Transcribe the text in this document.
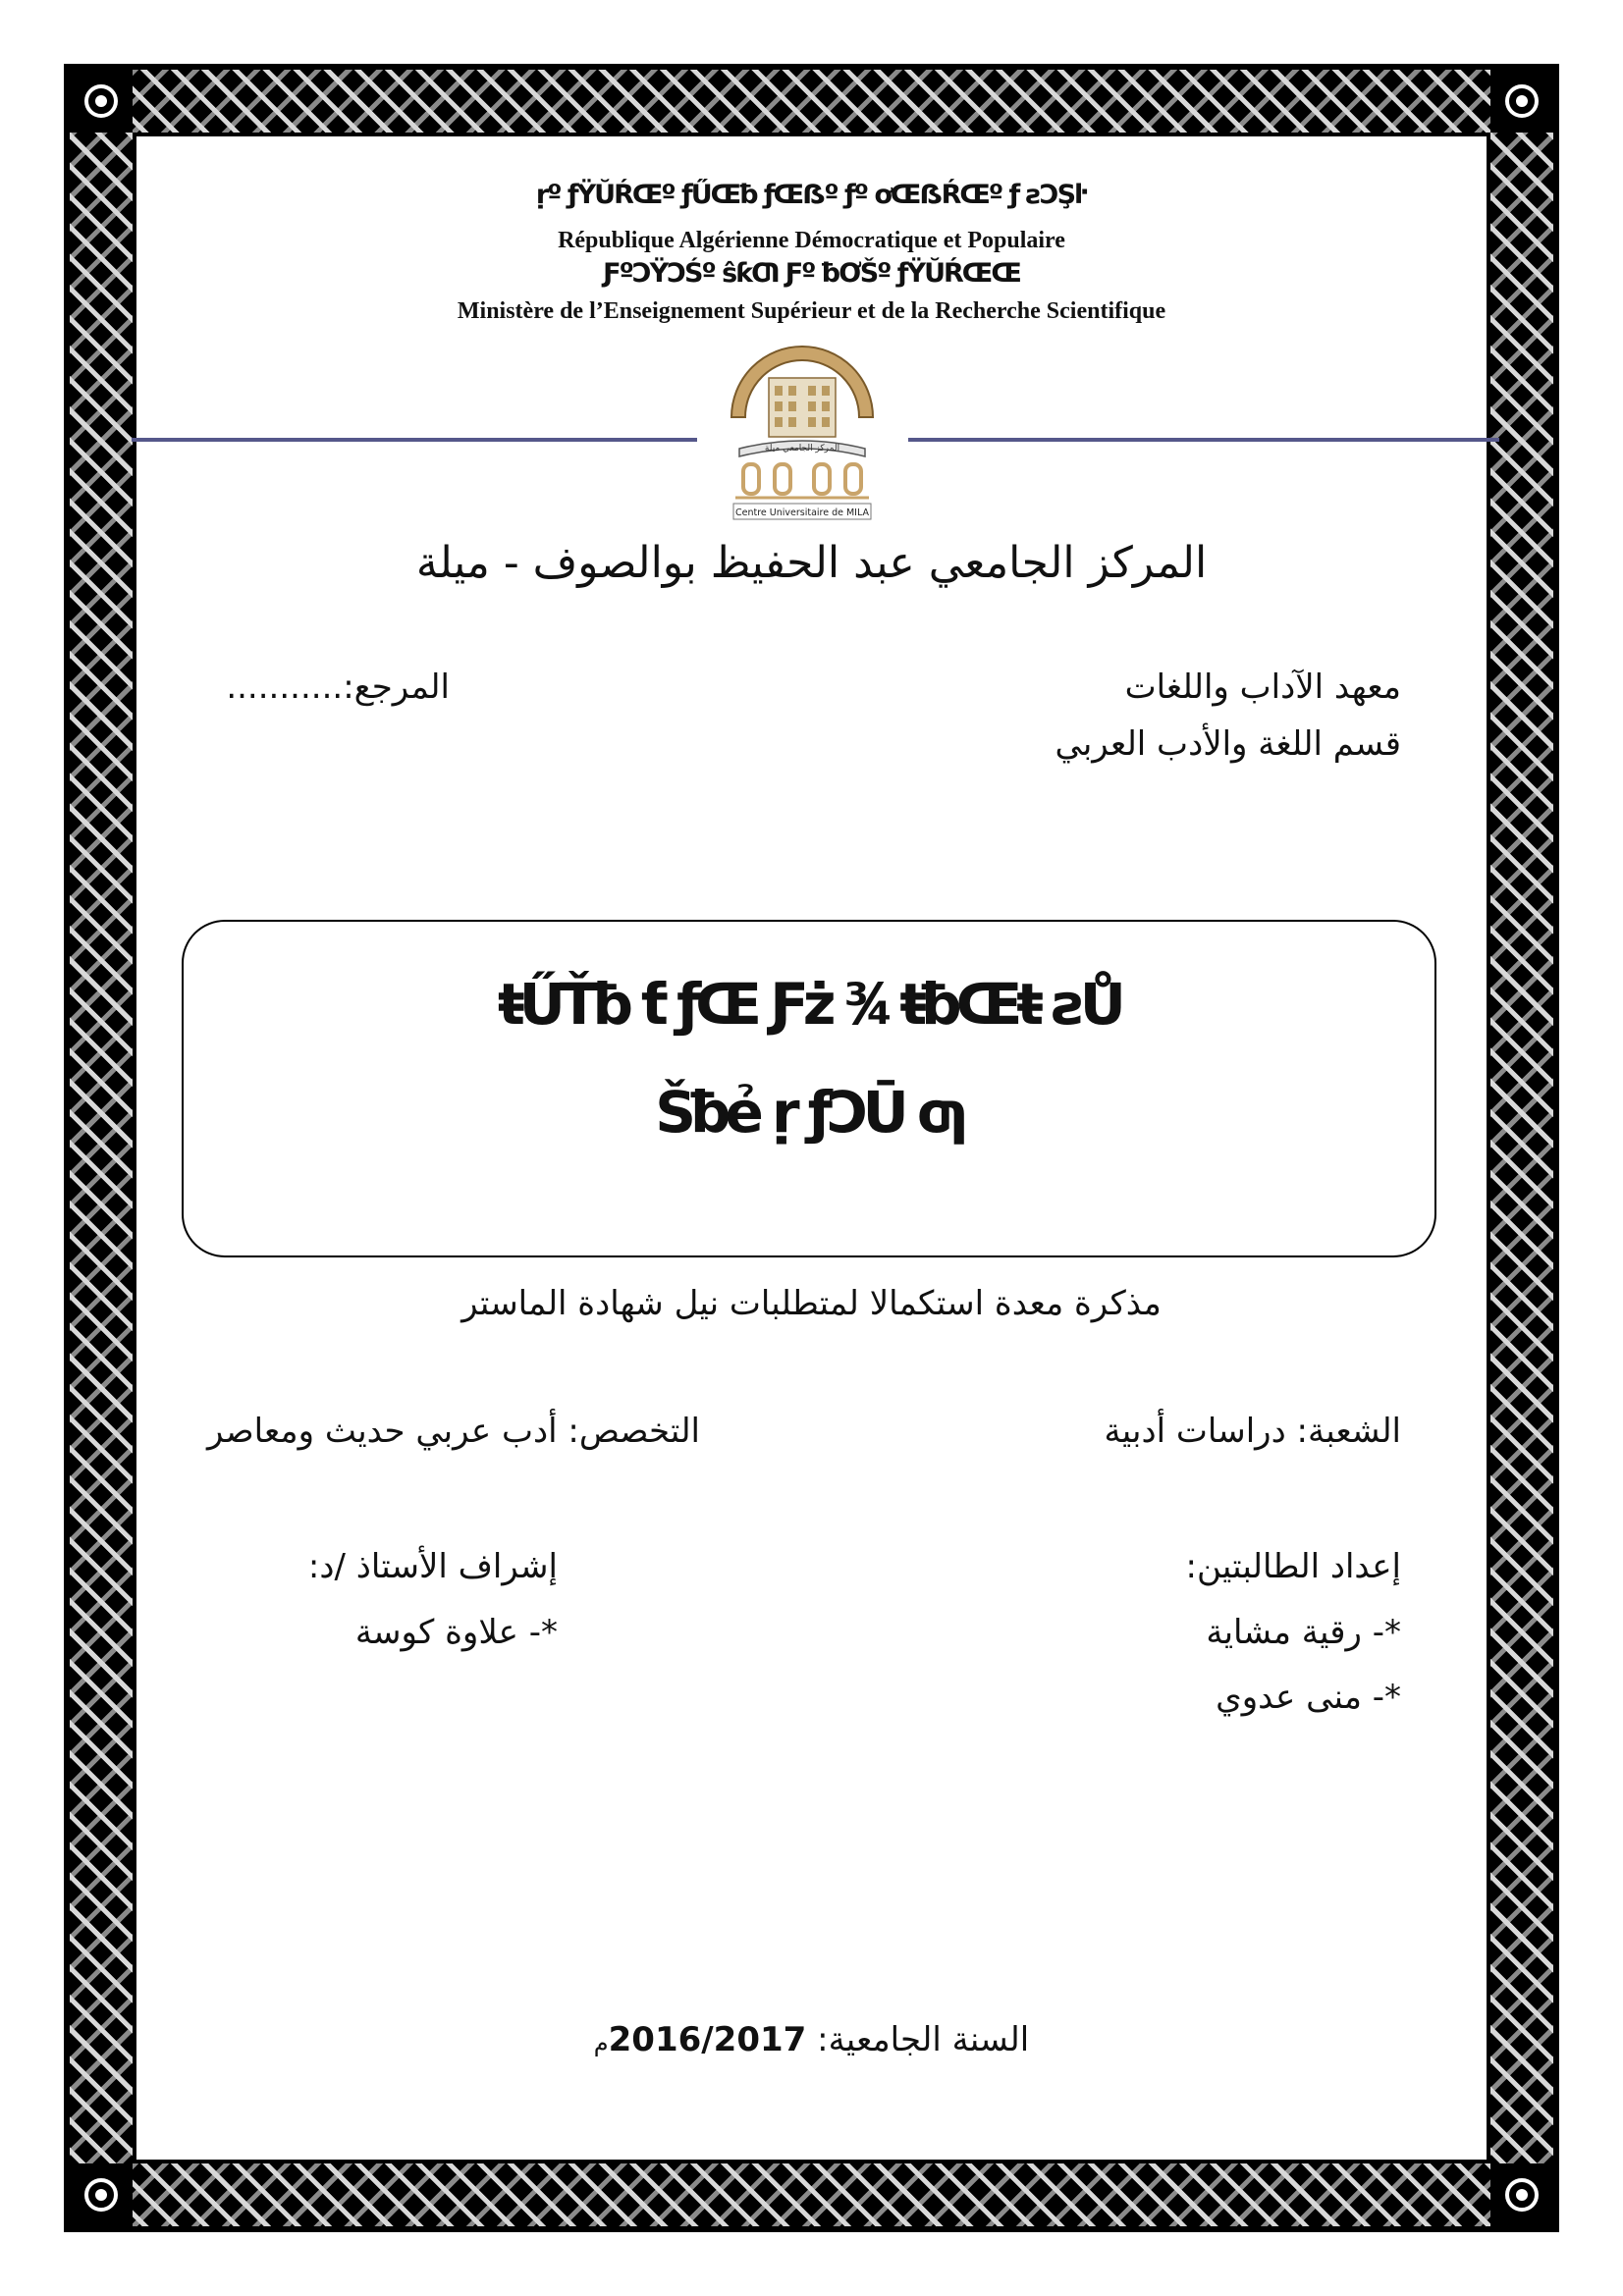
ṛº ƒŸŬŔŒº ƒŰŒƀ ƒŒẞº ƒº ơŒẞŔŒº ƒ ƨƆŞŀ
République Algérienne Démocratique et Populaire
ƑºƆŸƆŚº ŝƙƢ Ƒº ƀƠŠº ƒŸŬŔŒŒ
Ministère de l’Enseignement Supérieur et de la Recherche Scientifique
المركز الجامعي ميلة
Centre Universitaire de MILA
المركز الجامعي عبد الحفيظ بوالصوف - ميلة
معهد الآداب واللغات
قسم اللغة والأدب العربي
المرجع:...........
ŧŰŤƀ ƭ ƒŒ Ƒż ³⁄₄ ŧƀŒŧ ƨŮ
Šƀẻ ṛ ƒƆŪ ƣ
مذكرة معدة استكمالا لمتطلبات نيل شهادة الماستر
الشعبة: دراسات أدبية
التخصص: أدب عربي حديث ومعاصر
إعداد الطالبتين:
*- رقية مشاية
*- منى عدوي
إشراف الأستاذ /د:
*- علاوة كوسة
السنة الجامعية: 2016/2017م
